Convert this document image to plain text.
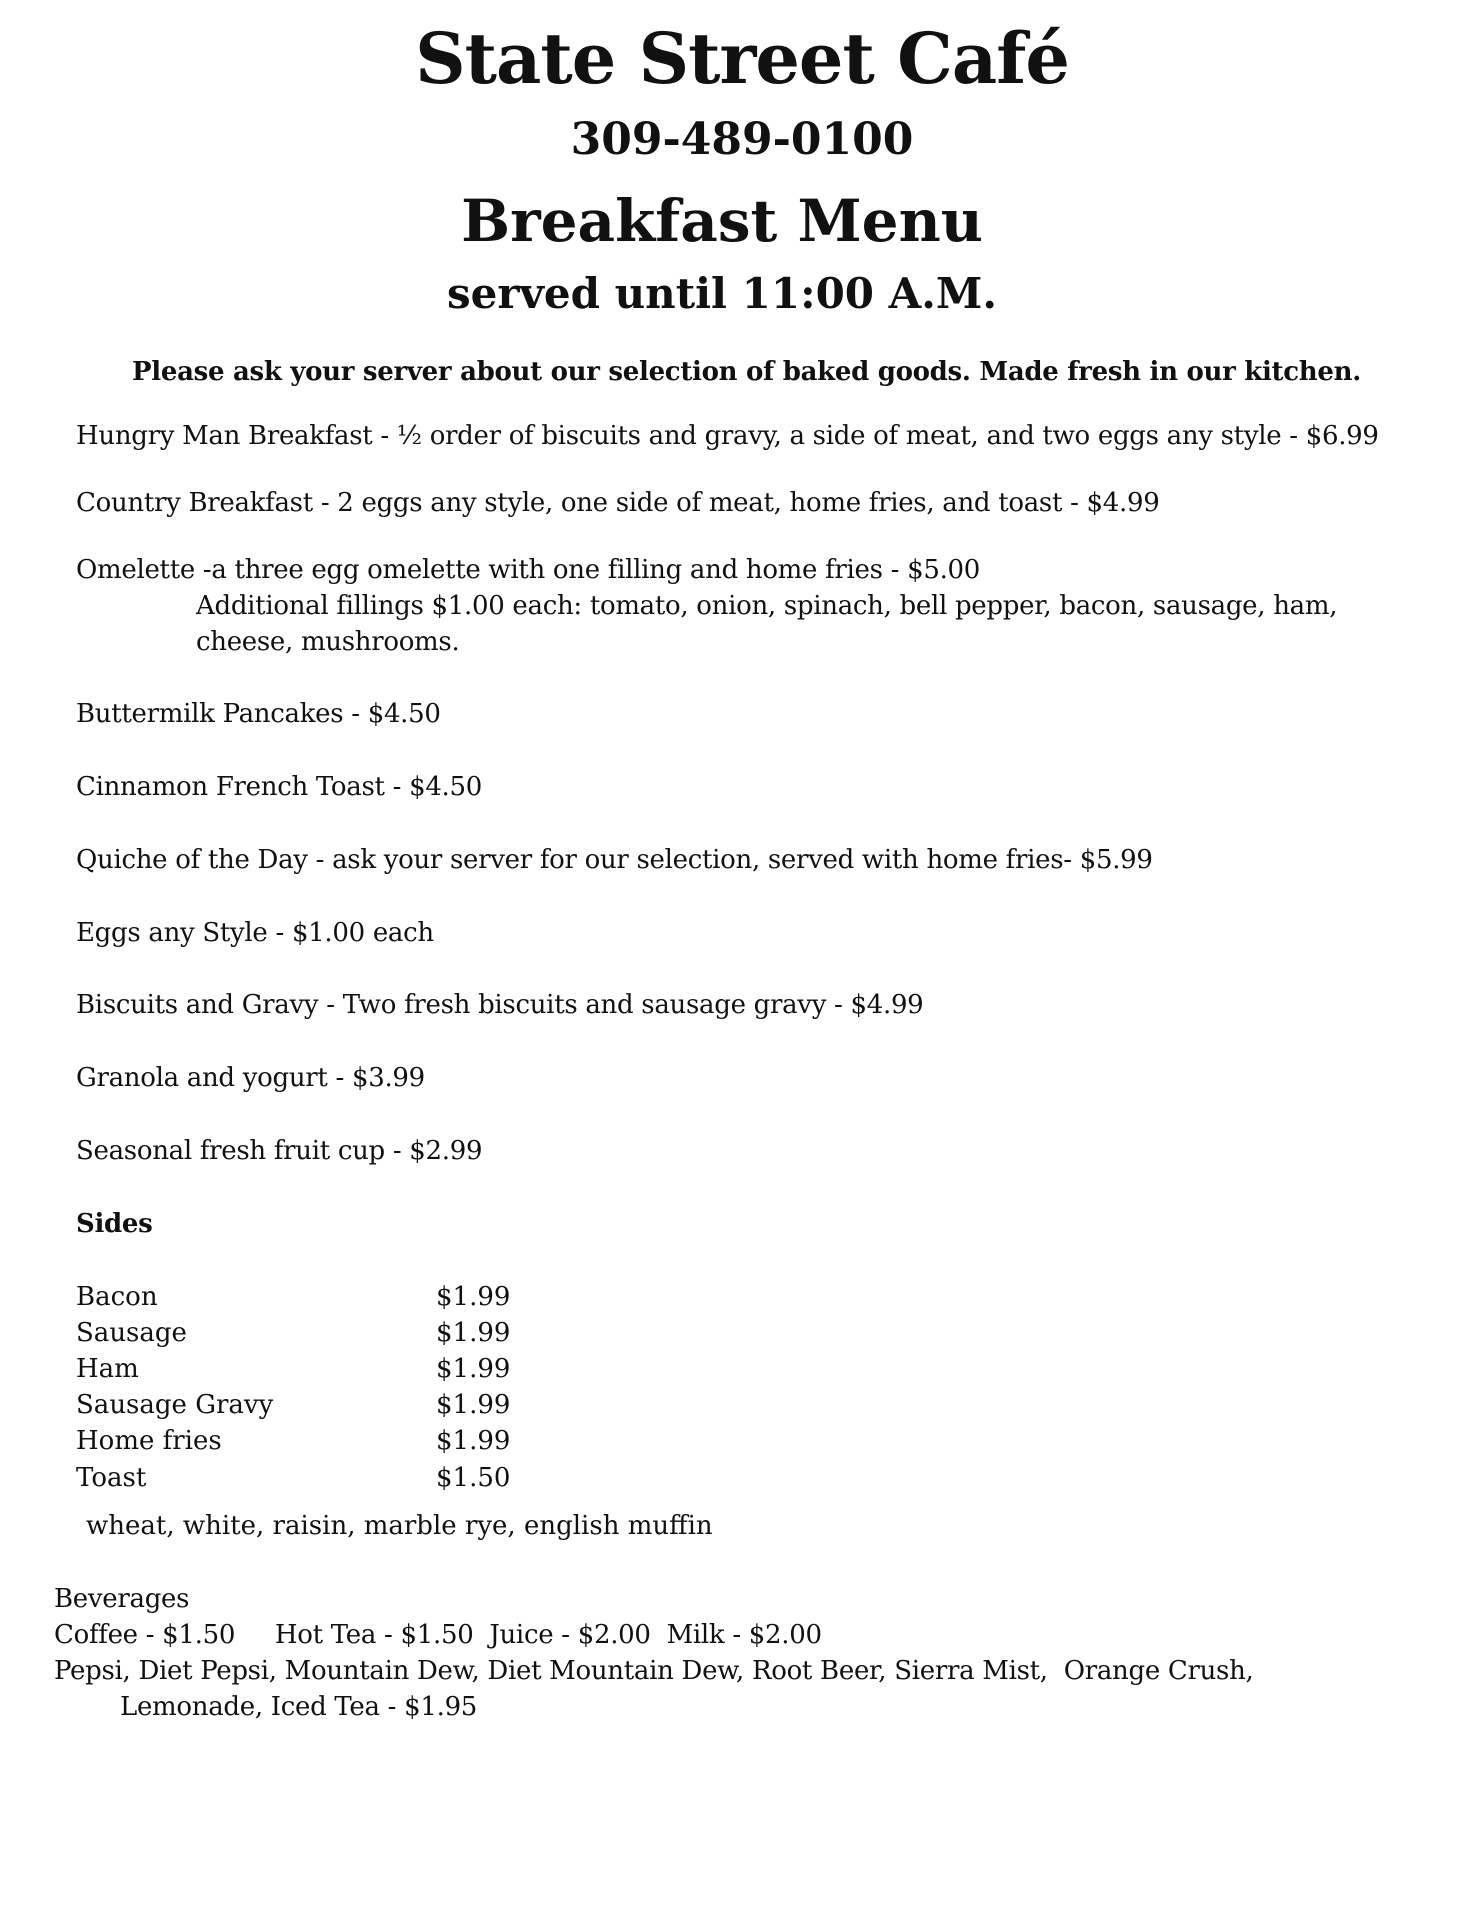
State Street Café
309-489-0100
Breakfast Menu
served until 11:00 A.M.
Please ask your server about our selection of baked goods. Made fresh in our kitchen.
Hungry Man Breakfast - ½ order of biscuits and gravy, a side of meat, and two eggs any style - $6.99
Country Breakfast - 2 eggs any style, one side of meat, home fries, and toast - $4.99
Omelette -a three egg omelette with one filling and home fries - $5.00
Additional fillings $1.00 each: tomato, onion, spinach, bell pepper, bacon, sausage, ham,
cheese, mushrooms.
Buttermilk Pancakes - $4.50
Cinnamon French Toast - $4.50
Quiche of the Day - ask your server for our selection, served with home fries- $5.99
Eggs any Style - $1.00 each
Biscuits and Gravy - Two fresh biscuits and sausage gravy - $4.99
Granola and yogurt - $3.99
Seasonal fresh fruit cup - $2.99
Sides
Bacon	$1.99
Sausage	$1.99
Ham	$1.99
Sausage Gravy	$1.99
Home fries	$1.99
Toast	$1.50
wheat, white, raisin, marble rye, english muffin
Beverages
Coffee - $1.50     Hot Tea - $1.50  Juice - $2.00  Milk - $2.00
Pepsi, Diet Pepsi, Mountain Dew, Diet Mountain Dew, Root Beer, Sierra Mist,  Orange Crush,
Lemonade, Iced Tea - $1.95
